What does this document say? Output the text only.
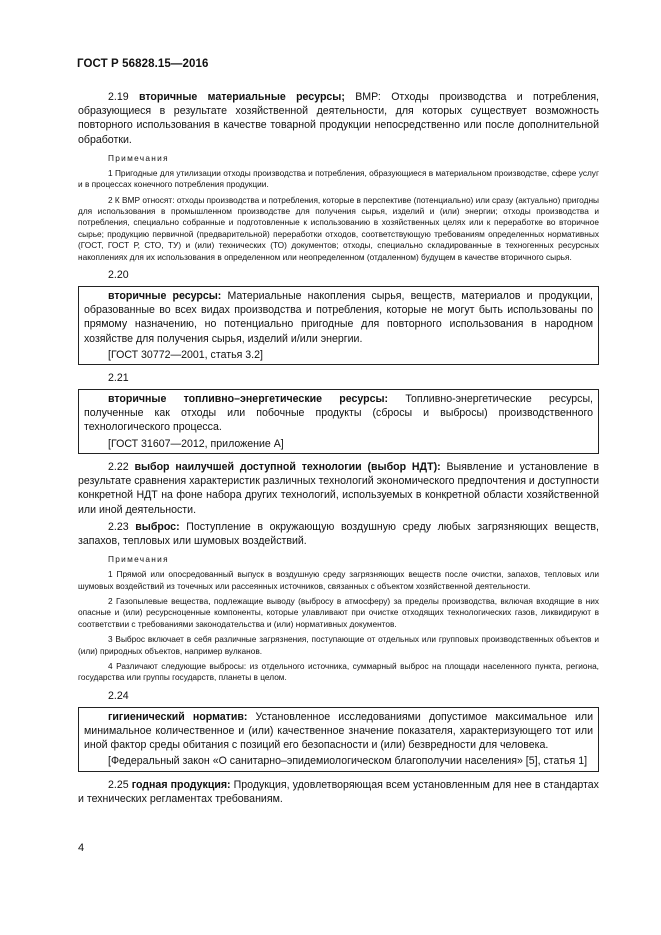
ГОСТ Р 56828.15—2016

2.19 вторичные материальные ресурсы; ВМР: Отходы производства и потребления, образующиеся в результате хозяйственной деятельности, для которых существует возможность повторного использования в качестве товарной продукции непосредственно или после дополнительной обработки.

Примечания

1 Пригодные для утилизации отходы производства и потребления, образующиеся в материальном производстве, сфере услуг и в процессах конечного потребления продукции.

2 К ВМР относят: отходы производства и потребления, которые в перспективе (потенциально) или сразу (актуально) пригодны для использования в промышленном производстве для получения сырья, изделий и (или) энергии; отходы производства и потребления, специально собранные и подготовленные к использованию в хозяйственных целях или к переработке во вторичное сырье; продукцию первичной (предварительной) переработки отходов, соответствующую требованиям определенных нормативных (ГОСТ, ГОСТ Р, СТО, ТУ) и (или) технических (ТО) документов; отходы, специально складированные в техногенных ресурсных накоплениях для их использования в определенном или неопределенном (отдаленном) будущем в качестве вторичного сырья.

2.20

вторичные ресурсы: Материальные накопления сырья, веществ, материалов и продукции, образованные во всех видах производства и потребления, которые не могут быть использованы по прямому назначению, но потенциально пригодные для повторного использования в народном хозяйстве для получения сырья, изделий и/или энергии.

[ГОСТ 30772—2001, статья 3.2]

2.21

вторичные топливно–энергетические ресурсы: Топливно-энергетические ресурсы, полученные как отходы или побочные продукты (сбросы и выбросы) производственного технологического процесса.

[ГОСТ 31607—2012, приложение А]

2.22 выбор наилучшей доступной технологии (выбор НДТ): Выявление и установление в результате сравнения характеристик различных технологий экономического предпочтения и доступности конкретной НДТ на фоне набора других технологий, используемых в конкретной области хозяйственной или иной деятельности.

2.23 выброс: Поступление в окружающую воздушную среду любых загрязняющих веществ, запахов, тепловых или шумовых воздействий.

Примечания

1 Прямой или опосредованный выпуск в воздушную среду загрязняющих веществ после очистки, запахов, тепловых или шумовых воздействий из точечных или рассеянных источников, связанных с объектом хозяйственной деятельности.

2 Газопылевые вещества, подлежащие выводу (выбросу в атмосферу) за пределы производства, включая входящие в них опасные и (или) ресурсноценные компоненты, которые улавливают при очистке отходящих технологических газов, ликвидируют в соответствии с требованиями законодательства и (или) нормативных документов.

3 Выброс включает в себя различные загрязнения, поступающие от отдельных или групповых производственных объектов и (или) природных объектов, например вулканов.

4 Различают следующие выбросы: из отдельного источника, суммарный выброс на площади населенного пункта, региона, государства или группы государств, планеты в целом.

2.24

гигиенический норматив: Установленное исследованиями допустимое максимальное или минимальное количественное и (или) качественное значение показателя, характеризующего тот или иной фактор среды обитания с позиций его безопасности и (или) безвредности для человека.

[Федеральный закон «О санитарно–эпидемиологическом благополучии населения» [5], статья 1]

2.25 годная продукция: Продукция, удовлетворяющая всем установленным для нее в стандартах и технических регламентах требованиям.

4
